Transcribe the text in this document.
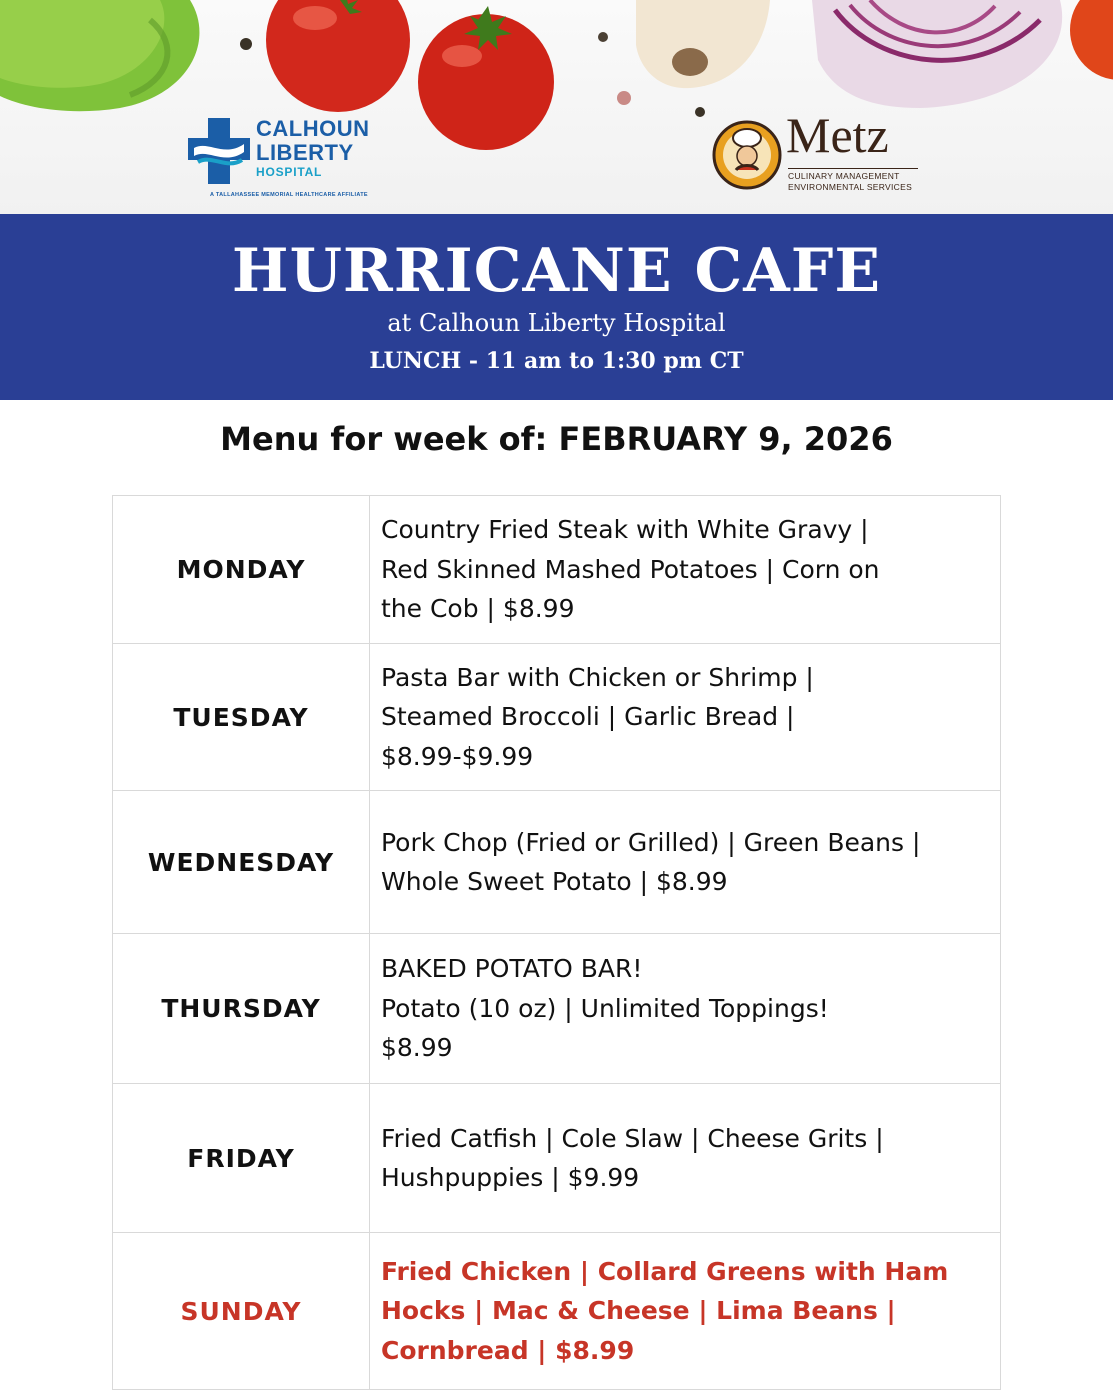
CALHOUN
LIBERTY
HOSPITAL
A TALLAHASSEE MEMORIAL HEALTHCARE AFFILIATE
Metz
CULINARY MANAGEMENT
ENVIRONMENTAL SERVICES
HURRICANE CAFE
at Calhoun Liberty Hospital
LUNCH - 11 am to 1:30 pm CT
Menu for week of: FEBRUARY 9, 2026
MONDAY	Country Fried Steak with White Gravy |
Red Skinned Mashed Potatoes | Corn on
the Cob | $8.99

TUESDAY	Pasta Bar with Chicken or Shrimp |
Steamed Broccoli | Garlic Bread |
$8.99-$9.99

WEDNESDAY	Pork Chop (Fried or Grilled) | Green Beans |
Whole Sweet Potato | $8.99

THURSDAY	BAKED POTATO BAR!
Potato (10 oz) | Unlimited Toppings!
$8.99

FRIDAY	Fried Catfish | Cole Slaw | Cheese Grits |
Hushpuppies | $9.99

SUNDAY	Fried Chicken | Collard Greens with Ham
Hocks | Mac & Cheese | Lima Beans |
Cornbread | $8.99
